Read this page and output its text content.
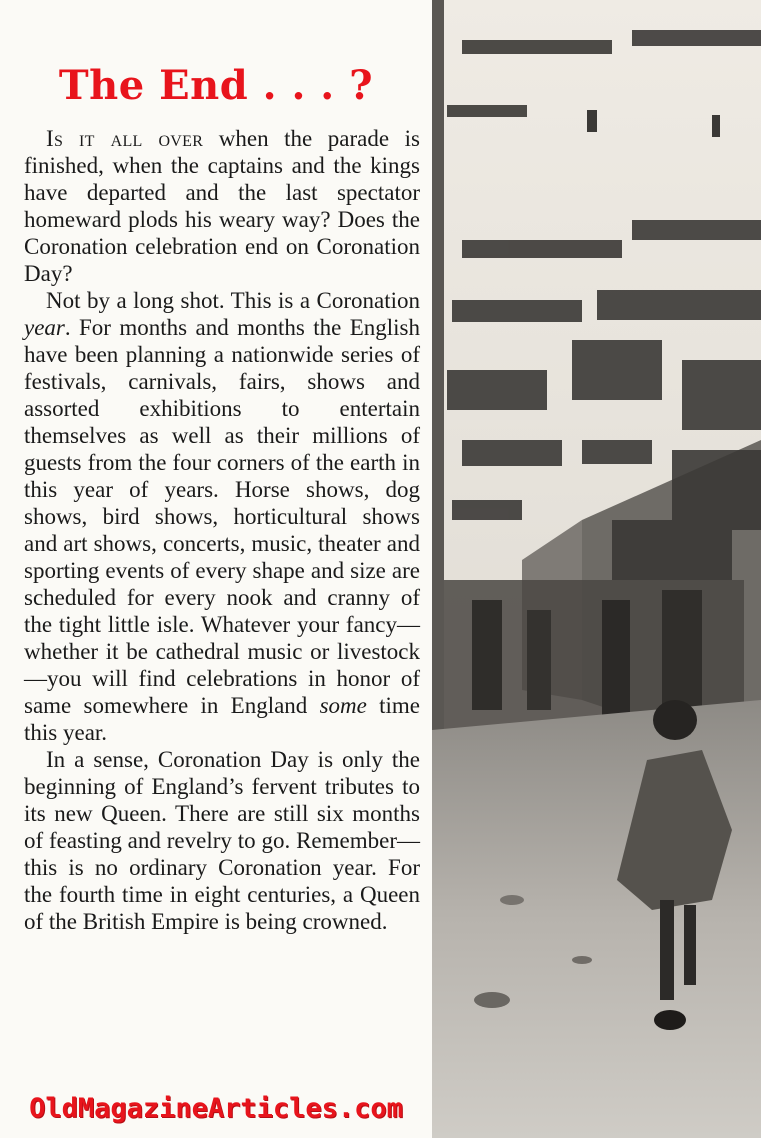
The End . . . ?

Is it all over when the parade is finished, when the captains and the kings have departed and the last spectator homeward plods his weary way? Does the Coronation celebration end on Coronation Day?

Not by a long shot. This is a Coronation year. For months and months the English have been planning a nationwide series of festivals, carnivals, fairs, shows and assorted exhibitions to entertain themselves as well as their millions of guests from the four corners of the earth in this year of years. Horse shows, dog shows, bird shows, horticultural shows and art shows, concerts, music, theater and sporting events of every shape and size are scheduled for every nook and cranny of the tight little isle. Whatever your fancy—whether it be cathedral music or livestock—you will find celebrations in honor of same somewhere in England some time this year.

In a sense, Coronation Day is only the beginning of England’s fervent tributes to its new Queen. There are still six months of feasting and revelry to go. Remember—this is no ordinary Coronation year. For the fourth time in eight centuries, a Queen of the British Empire is being crowned.

OldMagazineArticles.com
